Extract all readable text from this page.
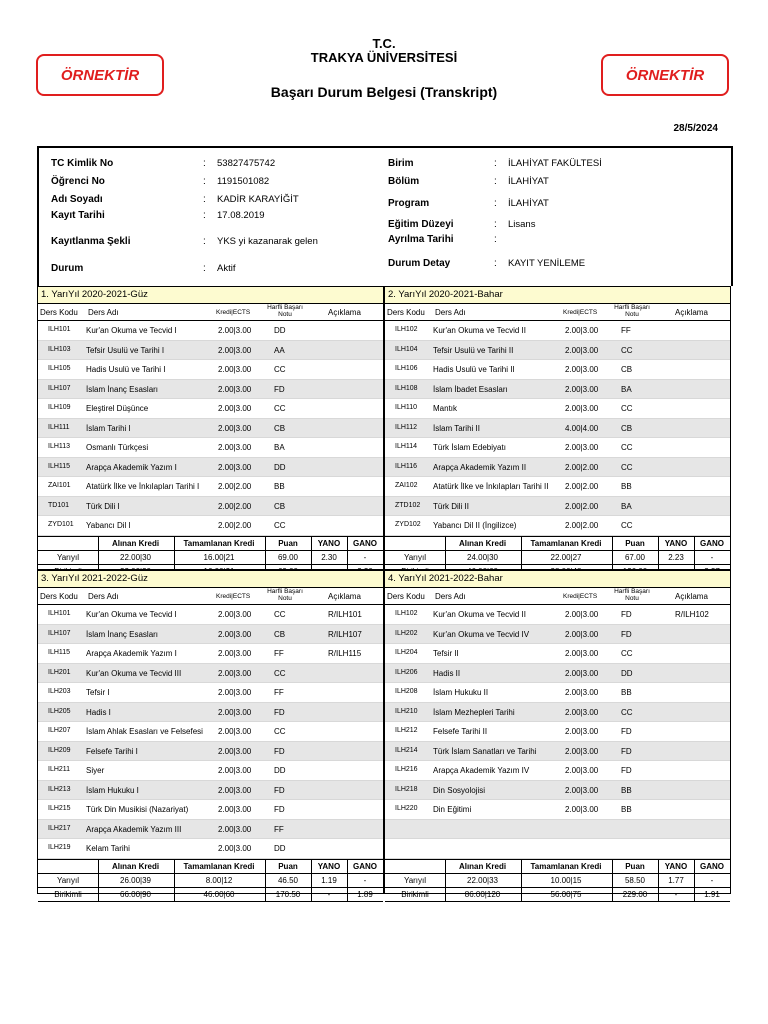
ÖRNEKTİR	ÖRNEKTİR
T.C.
TRAKYA ÜNİVERSİTESİ
Başarı Durum Belgesi (Transkript)
28/5/2024
TC Kimlik No	: 53827475742
Öğrenci No	: 1191501082
Adı Soyadı	: KADİR KARAYİĞİT
Kayıt Tarihi	: 17.08.2019
Kayıtlanma Şekli	: YKS yi kazanarak gelen
Durum	: Aktif
Birim	: İLAHİYAT FAKÜLTESİ
Bölüm	: İLAHİYAT
Program	: İLAHİYAT
Eğitim Düzeyi	: Lisans
Ayrılma Tarihi	:
Durum Detay	: KAYIT YENİLEME
1. YarıYıl 2020-2021-Güz
Ders Kodu Ders Adı	Kredi|ECTS
Harfli Başarı Notu	Açıklama
ILH101 Kur'an Okuma ve Tecvid I	2.00|3.00	DD
ILH103 Tefsir Usulü ve Tarihi I	2.00|3.00	AA
ILH105 Hadis Usulü ve Tarihi I	2.00|3.00	CC
ILH107 İslam İnanç Esasları	2.00|3.00	FD
ILH109 Eleştirel Düşünce	2.00|3.00	CC
ILH111 İslam Tarihi I	2.00|3.00	CB
ILH113 Osmanlı Türkçesi	2.00|3.00	BA
ILH115 Arapça Akademik Yazım I	2.00|3.00	DD
ZAI101 Atatürk İlke ve İnkılapları Tarihi I 2.00|2.00	BB
TD101 Türk Dili I	2.00|2.00	CB
ZYD101 Yabancı Dil I	2.00|2.00	CC
Alınan Kredi	Tamamlanan Kredi	Puan	YANO	GANO
Yarıyıl	22.00|30	16.00|21	69.00	2.30	-
2. YarıYıl 2020-2021-Bahar
Ders Kodu Ders Adı	Kredi|ECTS
Harfli Başarı Notu	Açıklama
ILH102 Kur'an Okuma ve Tecvid II	2.00|3.00	FF
ILH104 Tefsir Usulü ve Tarihi II	2.00|3.00	CC
ILH106 Hadis Usulü ve Tarihi II	2.00|3.00	CB
ILH108 İslam İbadet Esasları	2.00|3.00	BA
ILH110 Mantık	2.00|3.00	CC
ILH112 İslam Tarihi II	4.00|4.00	CB
ILH114 Türk İslam Edebiyatı	2.00|3.00	CC
ILH116 Arapça Akademik Yazım II	2.00|2.00	CC
ZAI102 Atatürk İlke ve İnkılapları Tarihi II 2.00|2.00	BB
ZTD102 Türk Dili II	2.00|2.00	BA
ZYD102 Yabancı Dil II (İngilizce)	2.00|2.00	CC
Alınan Kredi	Tamamlanan Kredi	Puan	YANO	GANO
Yarıyıl	24.00|30	22.00|27	67.00	2.23	-
3. YarıYıl 2021-2022-Güz
Ders Kodu Ders Adı	Kredi|ECTS
Harfli Başarı Notu	Açıklama
ILH101 Kur'an Okuma ve Tecvid I	2.00|3.00	CC	R/ILH101
ILH107 İslam İnanç Esasları	2.00|3.00	CB	R/ILH107
ILH115 Arapça Akademik Yazım I	2.00|3.00	FF	R/ILH115
ILH201 Kur'an Okuma ve Tecvid III	2.00|3.00	CC
ILH203 Tefsir I	2.00|3.00	FF
ILH205 Hadis I	2.00|3.00	FD
ILH207 İslam Ahlak Esasları ve Felsefesi 2.00|3.00	CC
ILH209 Felsefe Tarihi I	2.00|3.00	FD
ILH211 Siyer	2.00|3.00	DD
ILH213 İslam Hukuku I	2.00|3.00	FD
ILH215 Türk Din Musikisi (Nazariyat)	2.00|3.00	FD
ILH217 Arapça Akademik Yazım III	2.00|3.00	FF
ILH219 Kelam Tarihi	2.00|3.00	DD
Alınan Kredi	Tamamlanan Kredi	Puan	YANO	GANO
Yarıyıl	26.00|39	8.00|12	46.50	1.19	-
Birikimli	66.00|90	46.00|60	170.50	-	1.89
4. YarıYıl 2021-2022-Bahar
Ders Kodu Ders Adı	Kredi|ECTS
Harfli Başarı Notu	Açıklama
ILH102 Kur'an Okuma ve Tecvid II	2.00|3.00	FD	R/ILH102
ILH202 Kur'an Okuma ve Tecvid IV	2.00|3.00	FD
ILH204 Tefsir II	2.00|3.00	CC
ILH206 Hadis II	2.00|3.00	DD
ILH208 İslam Hukuku II	2.00|3.00	BB
ILH210 İslam Mezhepleri Tarihi	2.00|3.00	CC
ILH212 Felsefe Tarihi II	2.00|3.00	FD
ILH214 Türk İslam Sanatları ve Tarihi	2.00|3.00	FD
ILH216 Arapça Akademik Yazım IV	2.00|3.00	FD
ILH218 Din Sosyolojisi	2.00|3.00	BB
ILH220 Din Eğitimi	2.00|3.00	BB
Alınan Kredi	Tamamlanan Kredi	Puan	YANO	GANO
Yarıyıl	22.00|33	10.00|15	58.50	1.77	-
Birikimli	86.00|120	56.00|75	229.00	-	1.91
